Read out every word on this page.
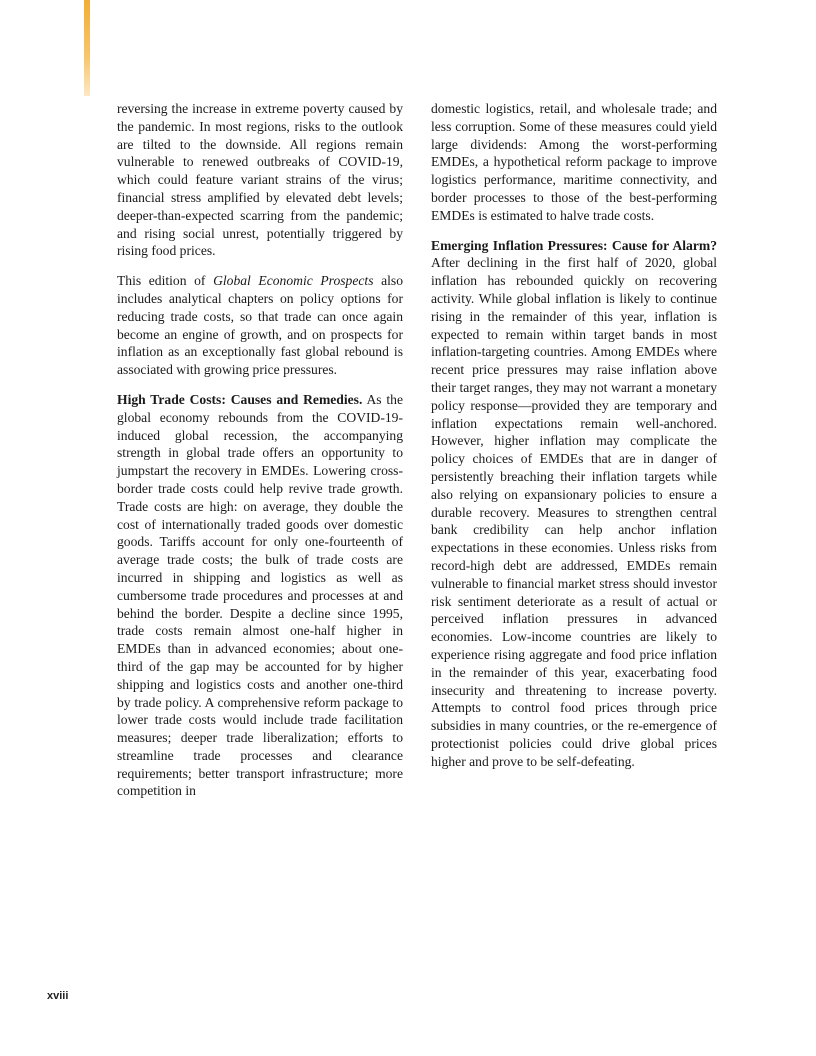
reversing the increase in extreme poverty caused by the pandemic. In most regions, risks to the outlook are tilted to the downside. All regions remain vulnerable to renewed outbreaks of COVID-19, which could feature variant strains of the virus; financial stress amplified by elevated debt levels; deeper-than-expected scarring from the pandemic; and rising social unrest, potentially triggered by rising food prices.

This edition of Global Economic Prospects also includes analytical chapters on policy options for reducing trade costs, so that trade can once again become an engine of growth, and on prospects for inflation as an exceptionally fast global rebound is associated with growing price pressures.

High Trade Costs: Causes and Remedies. As the global economy rebounds from the COVID-19-induced global recession, the accompanying strength in global trade offers an opportunity to jumpstart the recovery in EMDEs. Lowering cross-border trade costs could help revive trade growth. Trade costs are high: on average, they double the cost of internationally traded goods over domestic goods. Tariffs account for only one-fourteenth of average trade costs; the bulk of trade costs are incurred in shipping and logistics as well as cumbersome trade procedures and processes at and behind the border. Despite a decline since 1995, trade costs remain almost one-half higher in EMDEs than in advanced economies; about one-third of the gap may be accounted for by higher shipping and logistics costs and another one-third by trade policy. A comprehensive reform package to lower trade costs would include trade facilitation measures; deeper trade liberalization; efforts to streamline trade processes and clearance requirements; better transport infrastructure; more competition in

domestic logistics, retail, and wholesale trade; and less corruption. Some of these measures could yield large dividends: Among the worst-performing EMDEs, a hypothetical reform package to improve logistics performance, maritime connectivity, and border processes to those of the best-performing EMDEs is estimated to halve trade costs.

Emerging Inflation Pressures: Cause for Alarm? After declining in the first half of 2020, global inflation has rebounded quickly on recovering activity. While global inflation is likely to continue rising in the remainder of this year, inflation is expected to remain within target bands in most inflation-targeting countries. Among EMDEs where recent price pressures may raise inflation above their target ranges, they may not warrant a monetary policy response—provided they are temporary and inflation expectations remain well-anchored. However, higher inflation may complicate the policy choices of EMDEs that are in danger of persistently breaching their inflation targets while also relying on expansionary policies to ensure a durable recovery. Measures to strengthen central bank credibility can help anchor inflation expectations in these economies. Unless risks from record-high debt are addressed, EMDEs remain vulnerable to financial market stress should investor risk sentiment deteriorate as a result of actual or perceived inflation pressures in advanced economies. Low-income countries are likely to experience rising aggregate and food price inflation in the remainder of this year, exacerbating food insecurity and threatening to increase poverty. Attempts to control food prices through price subsidies in many countries, or the re-emergence of protectionist policies could drive global prices higher and prove to be self-defeating.

xviii
